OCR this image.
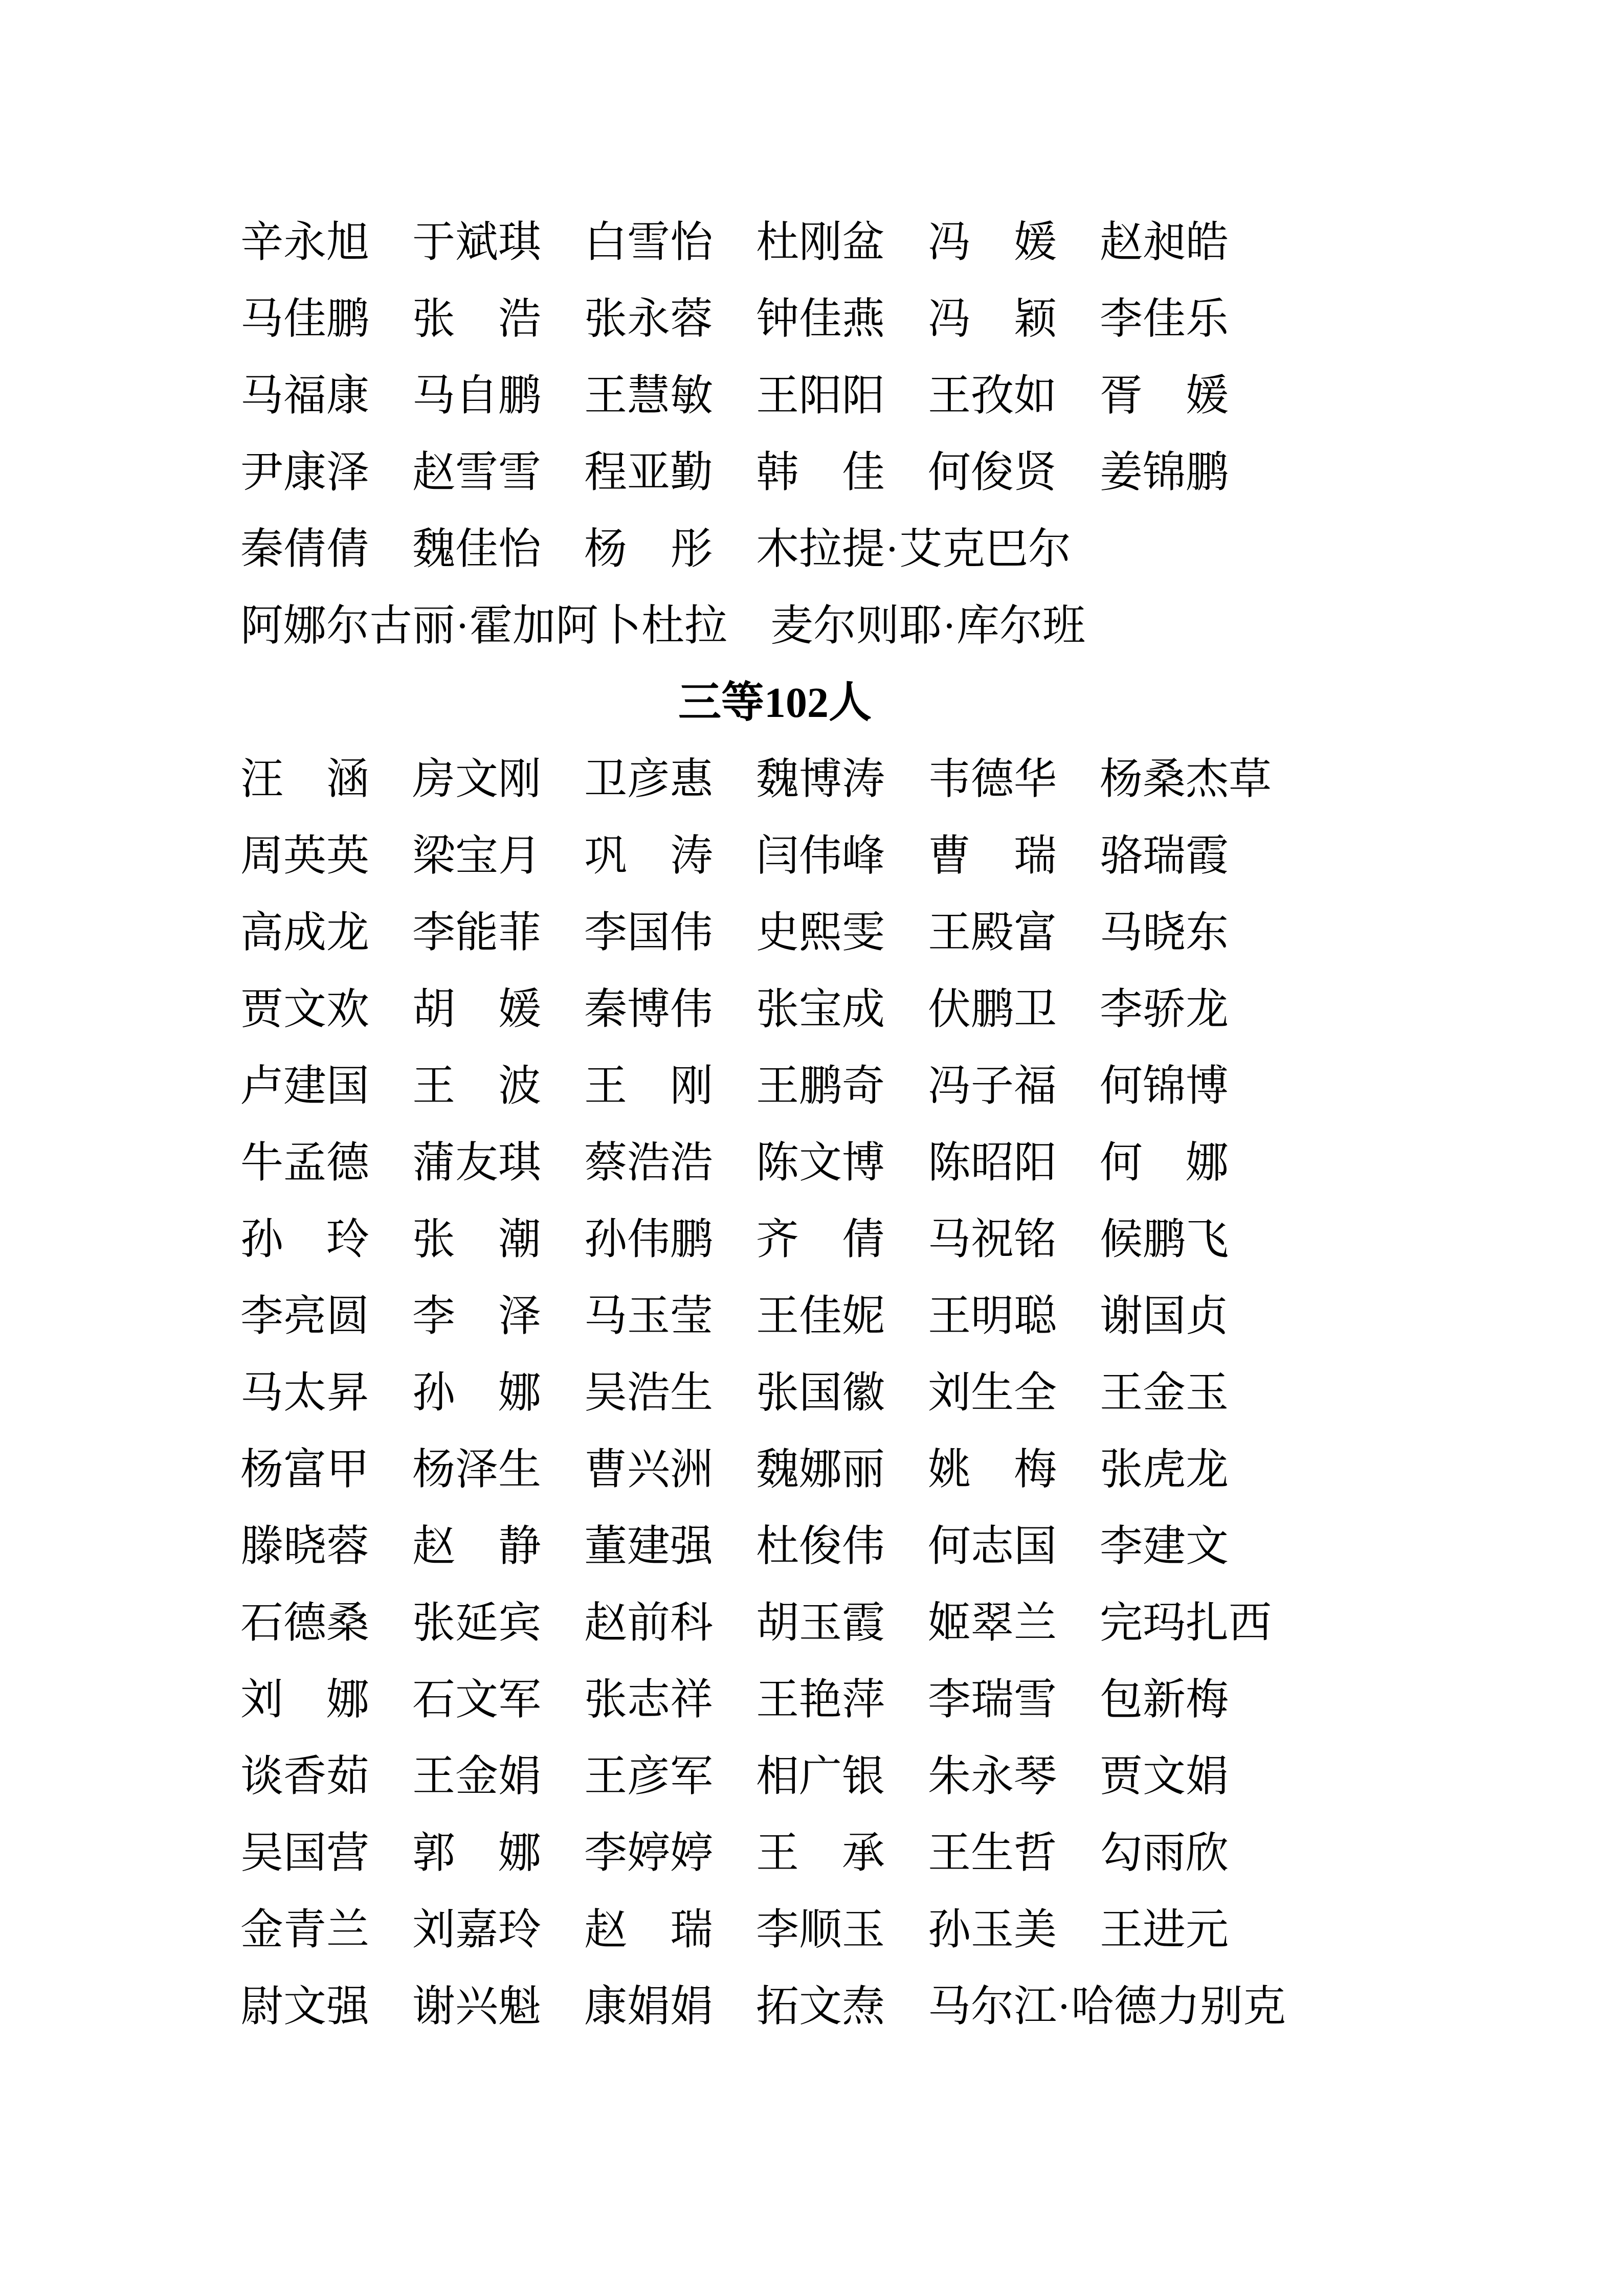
辛永旭 于斌琪 白雪怡 杜刚盆 冯　媛 赵昶皓
马佳鹏 张　浩 张永蓉 钟佳燕 冯　颖 李佳乐
马福康 马自鹏 王慧敏 王阳阳 王孜如 胥　媛
尹康泽 赵雪雪 程亚勤 韩　佳 何俊贤 姜锦鹏
秦倩倩 魏佳怡 杨　彤 木拉提·艾克巴尔
阿娜尔古丽·霍加阿卜杜拉 麦尔则耶·库尔班
三等102人
汪　涵 房文刚 卫彦惠 魏博涛 韦德华 杨桑杰草
周英英 梁宝月 巩　涛 闫伟峰 曹　瑞 骆瑞霞
高成龙 李能菲 李国伟 史熙雯 王殿富 马晓东
贾文欢 胡　媛 秦博伟 张宝成 伏鹏卫 李骄龙
卢建国 王　波 王　刚 王鹏奇 冯子福 何锦博
牛孟德 蒲友琪 蔡浩浩 陈文博 陈昭阳 何　娜
孙　玲 张　潮 孙伟鹏 齐　倩 马祝铭 候鹏飞
李亮圆 李　泽 马玉莹 王佳妮 王明聪 谢国贞
马太昇 孙　娜 吴浩生 张国徽 刘生全 王金玉
杨富甲 杨泽生 曹兴洲 魏娜丽 姚　梅 张虎龙
滕晓蓉 赵　静 董建强 杜俊伟 何志国 李建文
石德桑 张延宾 赵前科 胡玉霞 姬翠兰 完玛扎西
刘　娜 石文军 张志祥 王艳萍 李瑞雪 包新梅
谈香茹 王金娟 王彦军 相广银 朱永琴 贾文娟
吴国营 郭　娜 李婷婷 王　承 王生哲 勾雨欣
金青兰 刘嘉玲 赵　瑞 李顺玉 孙玉美 王进元
尉文强 谢兴魁 康娟娟 拓文焘 马尔江·哈德力别克
